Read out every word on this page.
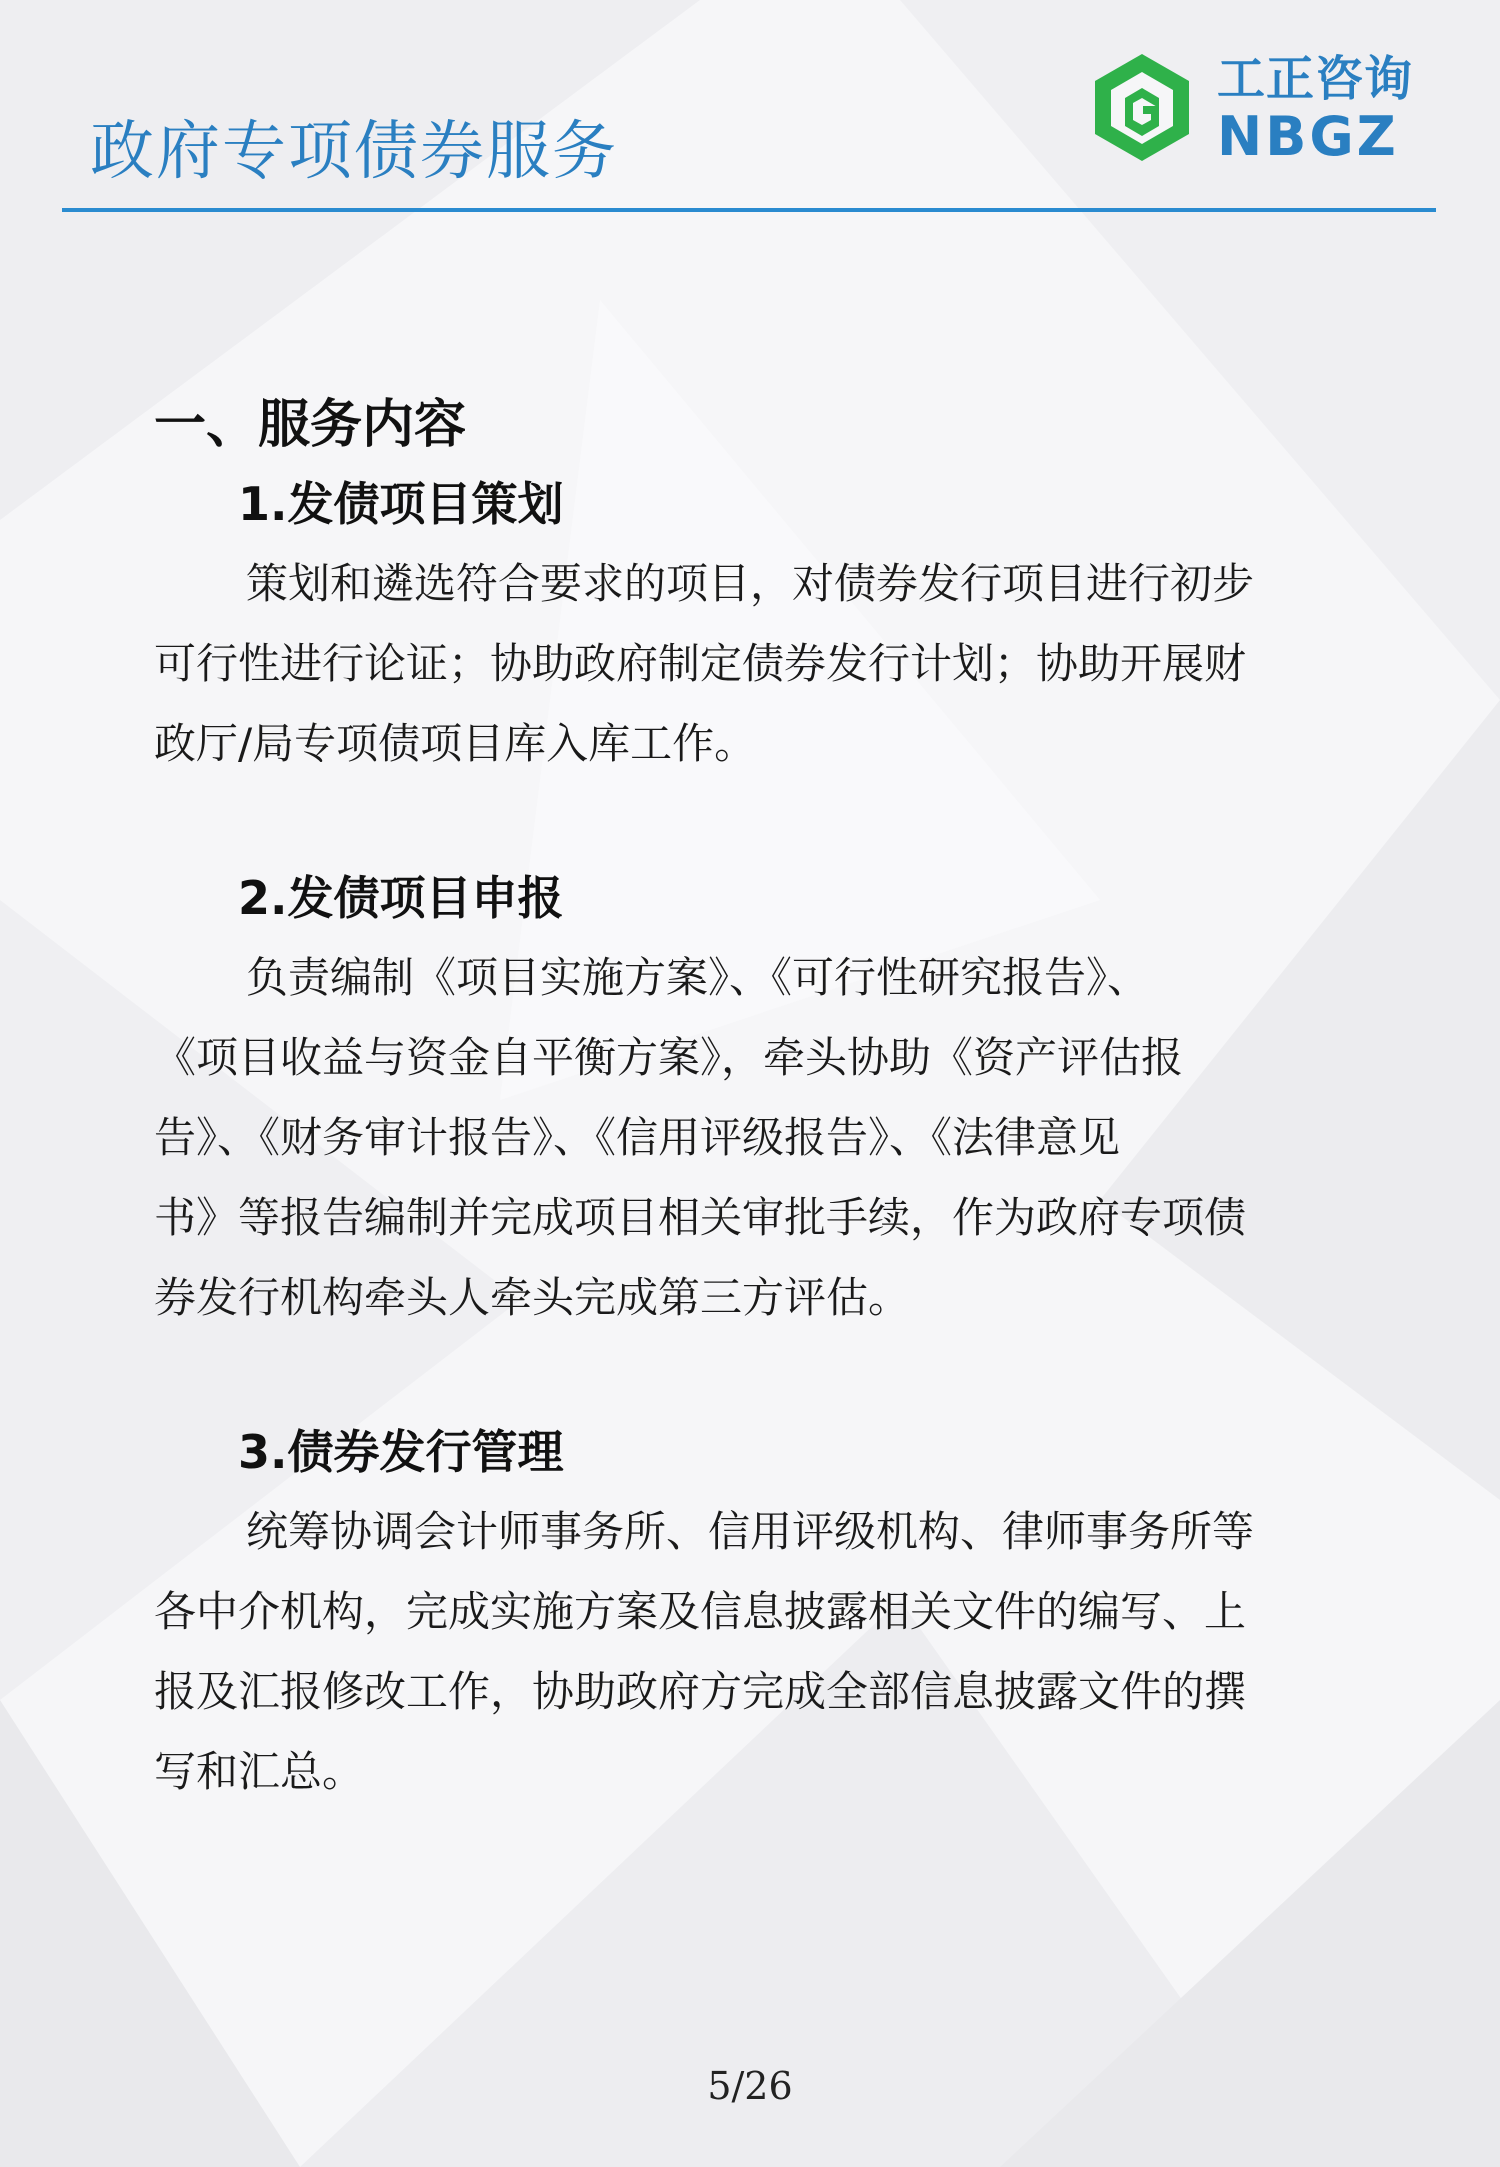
政府专项债券服务
工正咨询
NBGZ
一、服务内容
1.发债项目策划

策划和遴选符合要求的项目，对债券发行项目进行初步
可行性进行论证；协助政府制定债券发行计划；协助开展财
政厅/局专项债项目库入库工作。

2.发债项目申报

负责编制《项目实施方案》、《可行性研究报告》、
《项目收益与资金自平衡方案》，牵头协助《资产评估报
告》、《财务审计报告》、《信用评级报告》、《法律意见
书》等报告编制并完成项目相关审批手续，作为政府专项债
券发行机构牵头人牵头完成第三方评估。

3.债券发行管理

统筹协调会计师事务所、信用评级机构、律师事务所等
各中介机构，完成实施方案及信息披露相关文件的编写、上
报及汇报修改工作，协助政府方完成全部信息披露文件的撰
写和汇总。

5/26
